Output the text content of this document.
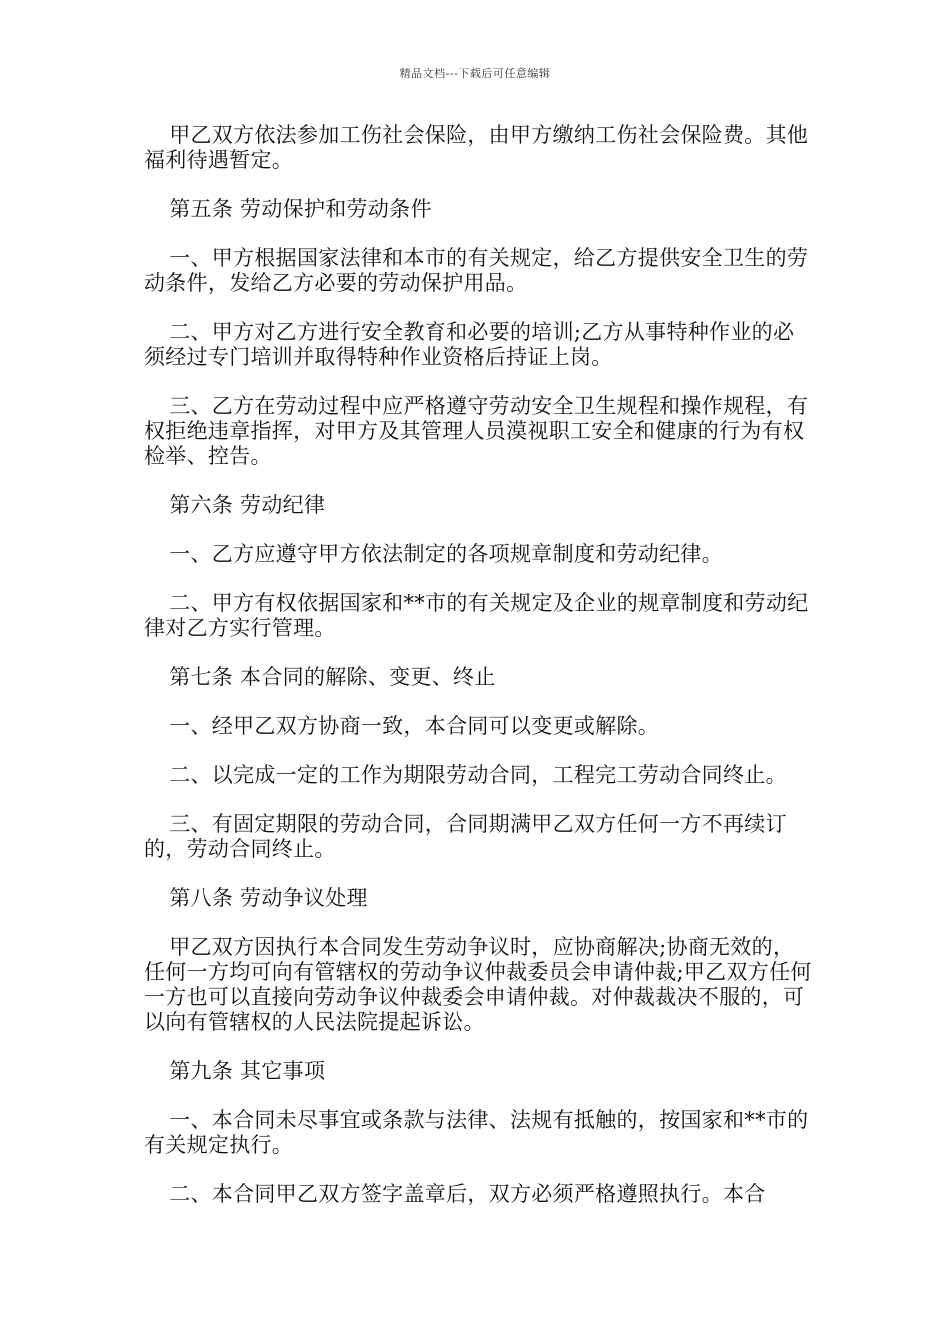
精品文档---下载后可任意编辑

甲乙双方依法参加工伤社会保险，由甲方缴纳工伤社会保险费。其他福利待遇暂定。

第五条 劳动保护和劳动条件

一、甲方根据国家法律和本市的有关规定，给乙方提供安全卫生的劳动条件，发给乙方必要的劳动保护用品。

二、甲方对乙方进行安全教育和必要的培训;乙方从事特种作业的必须经过专门培训并取得特种作业资格后持证上岗。

三、乙方在劳动过程中应严格遵守劳动安全卫生规程和操作规程，有权拒绝违章指挥，对甲方及其管理人员漠视职工安全和健康的行为有权检举、控告。

第六条 劳动纪律

一、乙方应遵守甲方依法制定的各项规章制度和劳动纪律。

二、甲方有权依据国家和**市的有关规定及企业的规章制度和劳动纪律对乙方实行管理。

第七条 本合同的解除、变更、终止

一、经甲乙双方协商一致，本合同可以变更或解除。

二、以完成一定的工作为期限劳动合同，工程完工劳动合同终止。

三、有固定期限的劳动合同，合同期满甲乙双方任何一方不再续订的，劳动合同终止。

第八条 劳动争议处理

甲乙双方因执行本合同发生劳动争议时，应协商解决;协商无效的，任何一方均可向有管辖权的劳动争议仲裁委员会申请仲裁;甲乙双方任何一方也可以直接向劳动争议仲裁委会申请仲裁。对仲裁裁决不服的，可以向有管辖权的人民法院提起诉讼。

第九条 其它事项

一、本合同未尽事宜或条款与法律、法规有抵触的，按国家和**市的有关规定执行。

二、本合同甲乙双方签字盖章后，双方必须严格遵照执行。本合
